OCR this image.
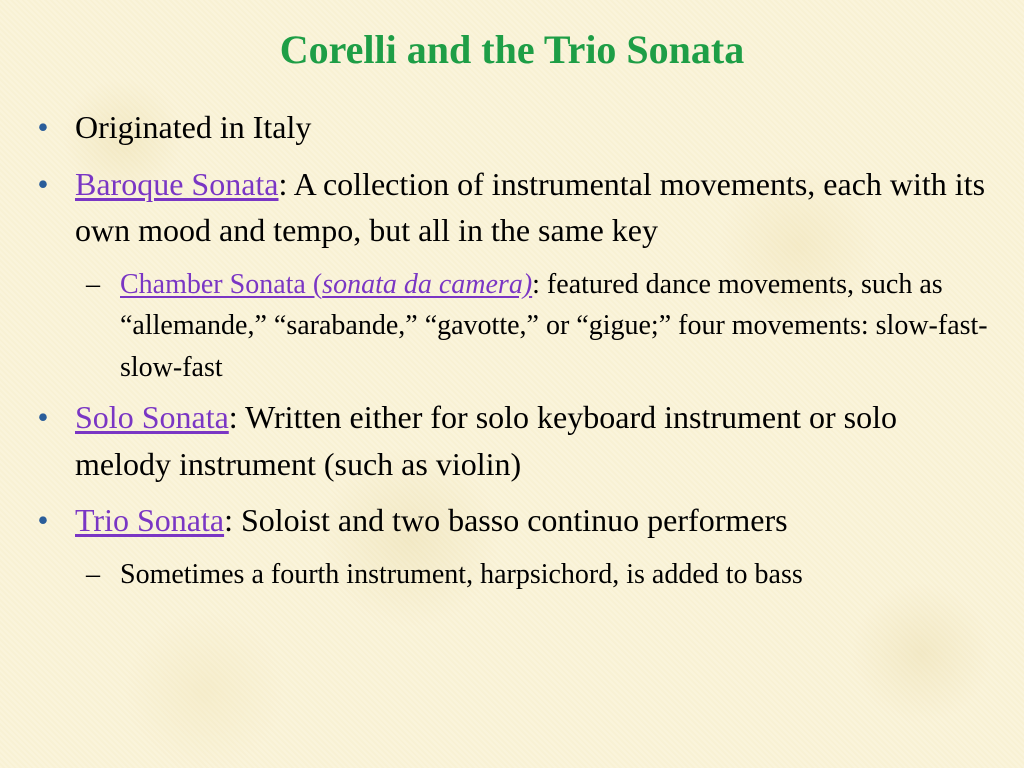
Corelli and the Trio Sonata
• Originated in Italy
• Baroque Sonata: A collection of instrumental movements, each with its own mood and tempo, but all in the same key
– Chamber Sonata (sonata da camera): featured dance movements, such as “allemande,” “sarabande,” “gavotte,” or “gigue;” four movements: slow-fast-slow-fast
• Solo Sonata: Written either for solo keyboard instrument or solo melody instrument (such as violin)
• Trio Sonata: Soloist and two basso continuo performers
– Sometimes a fourth instrument, harpsichord, is added to bass
